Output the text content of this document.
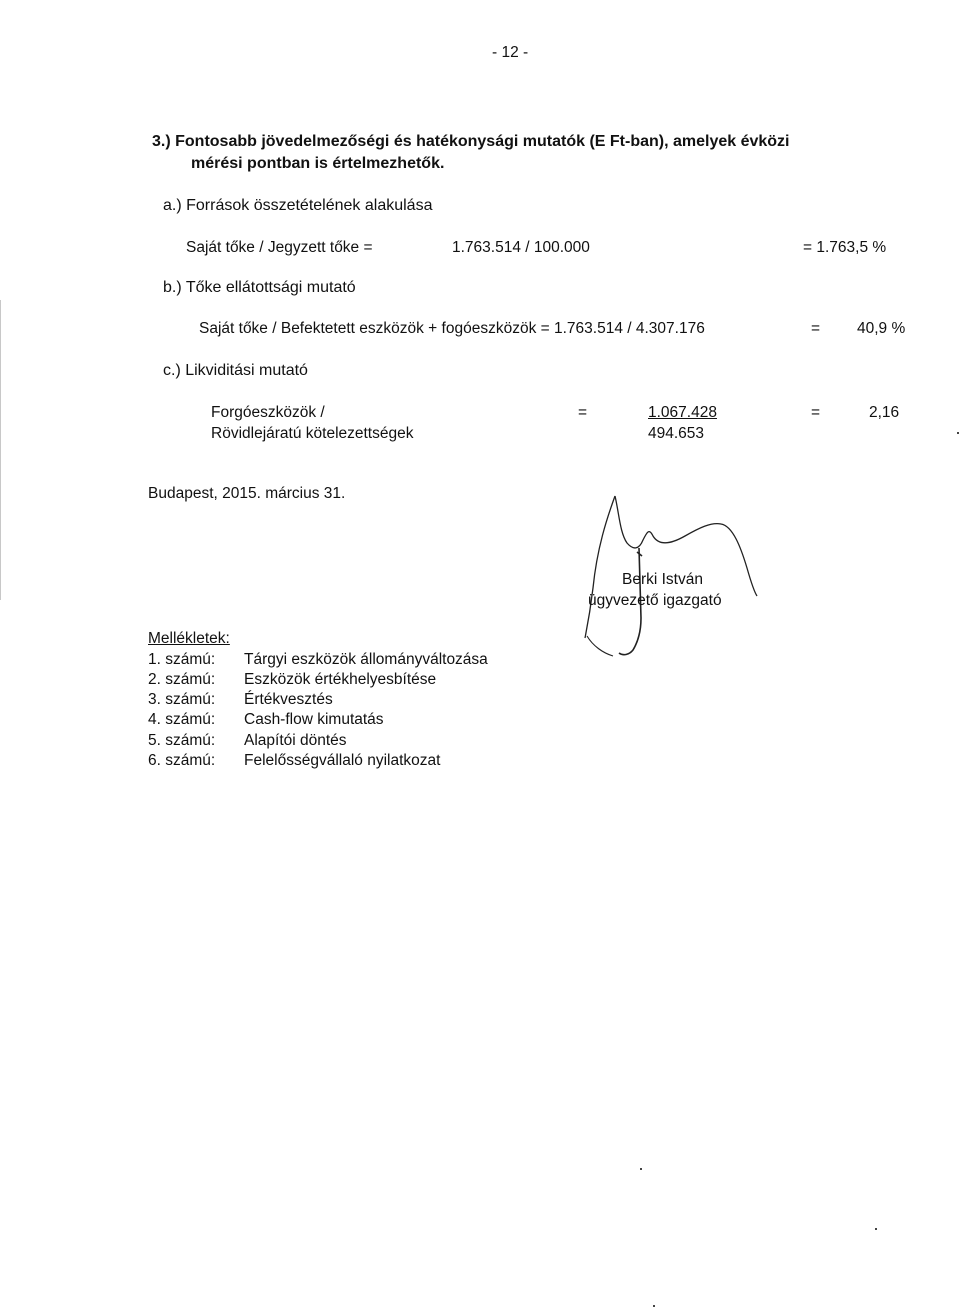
- 12 -
3.) Fontosabb jövedelmezőségi és hatékonysági mutatók (E Ft-ban), amelyek évközi
mérési pontban is értelmezhetők.
a.) Források összetételének alakulása
Saját tőke / Jegyzett tőke =	1.763.514 / 100.000	= 1.763,5 %
b.) Tőke ellátottsági mutató
Saját tőke / Befektetett eszközök + fogóeszközök = 1.763.514 / 4.307.176	= 40,9 %
c.) Likviditási mutató
Forgóeszközök /
Rövidlejáratú kötelezettségek
=	1.067.428
494.653
=	2,16
Budapest, 2015. március 31.
Berki István
ügyvezető igazgató
Mellékletek:
1. számú: Tárgyi eszközök állományváltozása
2. számú: Eszközök értékhelyesbítése
3. számú: Értékvesztés
4. számú: Cash-flow kimutatás
5. számú: Alapítói döntés
6. számú: Felelősségvállaló nyilatkozat
